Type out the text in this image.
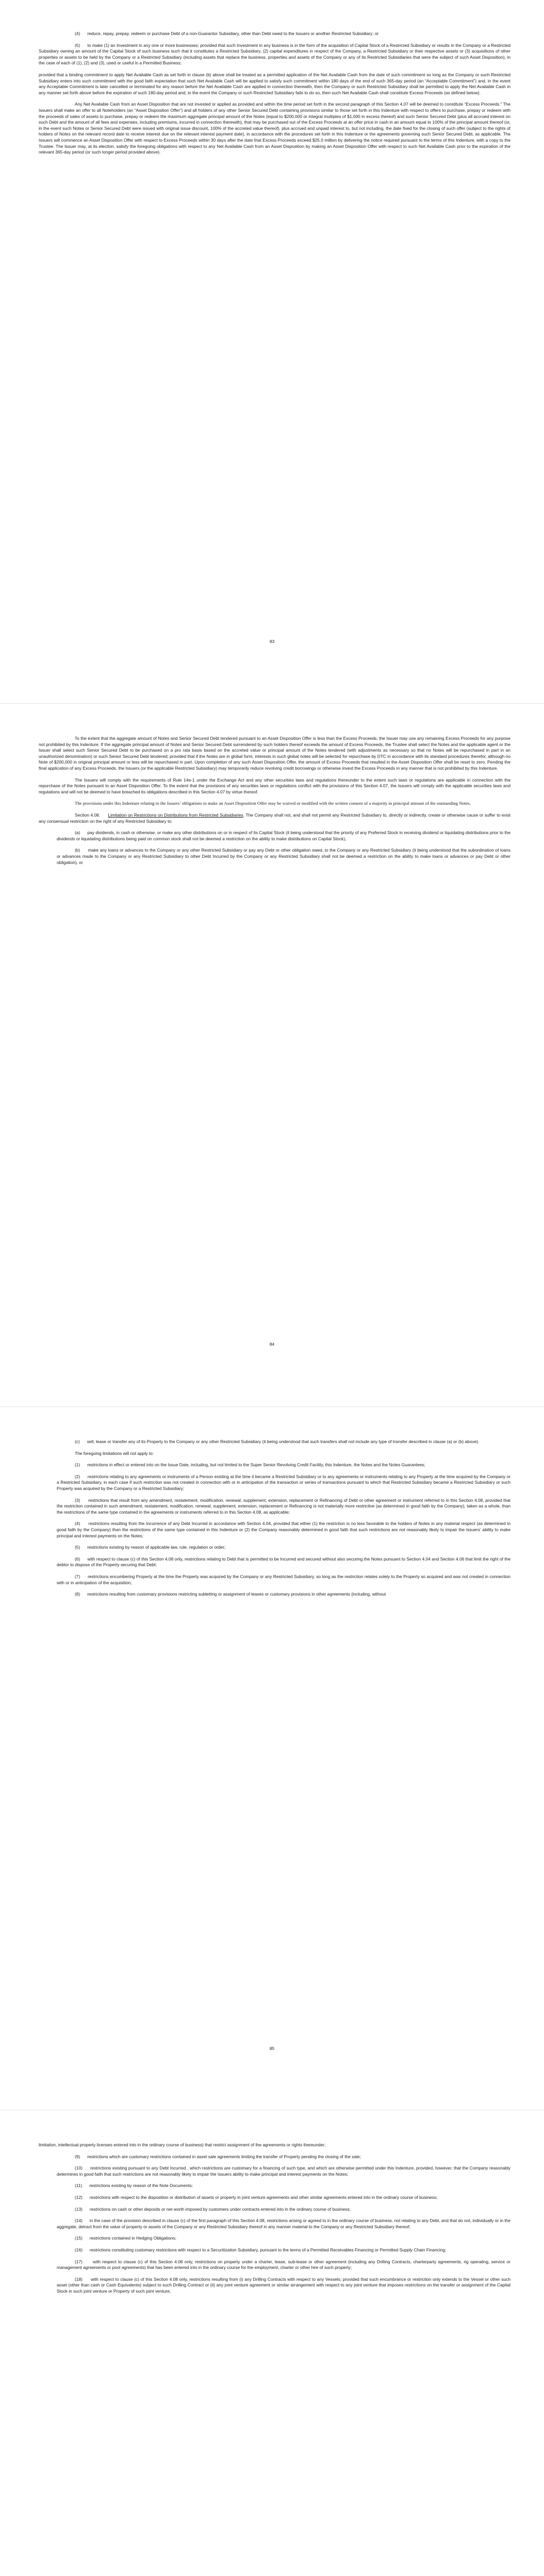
(4)      reduce, repay, prepay, redeem or purchase Debt of a non-Guarantor Subsidiary, other than Debt owed to the Issuers or another Restricted Subsidiary; or

(5)      to make (1) an Investment in any one or more businesses; provided that such Investment in any business is in the form of the acquisition of Capital Stock of a Restricted Subsidiary or results in the Company or a Restricted Subsidiary owning an amount of the Capital Stock of such business such that it constitutes a Restricted Subsidiary, (2) capital expenditures in respect of the Company, a Restricted Subsidiary or their respective assets or (3) acquisitions of other properties or assets to be held by the Company or a Restricted Subsidiary (including assets that replace the business, properties and assets of the Company or any of its Restricted Subsidiaries that were the subject of such Asset Disposition), in the case of each of (1), (2) and (3), used or useful in a Permitted Business;

provided that a binding commitment to apply Net Available Cash as set forth in clause (b) above shall be treated as a permitted application of the Net Available Cash from the date of such commitment so long as the Company or such Restricted Subsidiary enters into such commitment with the good faith expectation that such Net Available Cash will be applied to satisfy such commitment within 180 days of the end of such 365-day period (an “Acceptable Commitment”) and, in the event any Acceptable Commitment is later cancelled or terminated for any reason before the Net Available Cash are applied in connection therewith, then the Company or such Restricted Subsidiary shall be permitted to apply the Net Available Cash in any manner set forth above before the expiration of such 180-day period and, in the event the Company or such Restricted Subsidiary fails to do so, then such Net Available Cash shall constitute Excess Proceeds (as defined below).

Any Net Available Cash from an Asset Disposition that are not invested or applied as provided and within the time period set forth in the second paragraph of this Section 4.07 will be deemed to constitute “Excess Proceeds.” The Issuers shall make an offer to all Noteholders (an “Asset Disposition Offer”) and all holders of any other Senior Secured Debt containing provisions similar to those set forth in this Indenture with respect to offers to purchase, prepay or redeem with the proceeds of sales of assets to purchase, prepay or redeem the maximum aggregate principal amount of the Notes (equal to $200,000 or integral multiples of $1,000 in excess thereof) and such Senior Secured Debt (plus all accrued interest on such Debt and the amount of all fees and expenses, including premiums, incurred in connection therewith), that may be purchased out of the Excess Proceeds at an offer price in cash in an amount equal to 100% of the principal amount thereof (or, in the event such Notes or Senior Secured Debt were issued with original issue discount, 100% of the accreted value thereof), plus accrued and unpaid interest to, but not including, the date fixed for the closing of such offer (subject to the rights of holders of Notes on the relevant record date to receive interest due on the relevant interest payment date), in accordance with the procedures set forth in this Indenture or the agreements governing such Senior Secured Debt, as applicable. The Issuers will commence an Asset Disposition Offer with respect to Excess Proceeds within 30 days after the date that Excess Proceeds exceed $25.0 million by delivering the notice required pursuant to the terms of this Indenture, with a copy to the Trustee. The Issuer may, at its election, satisfy the foregoing obligations with respect to any Net Available Cash from an Asset Disposition by making an Asset Disposition Offer with respect to such Net Available Cash prior to the expiration of the relevant 365-day period (or such longer period provided above).

83

To the extent that the aggregate amount of Notes and Senior Secured Debt tendered pursuant to an Asset Disposition Offer is less than the Excess Proceeds, the Issuer may use any remaining Excess Proceeds for any purpose not prohibited by this Indenture. If the aggregate principal amount of Notes and Senior Secured Debt surrendered by such holders thereof exceeds the amount of Excess Proceeds, the Trustee shall select the Notes and the applicable agent or the Issuer shall select such Senior Secured Debt to be purchased on a pro rata basis based on the accreted value or principal amount of the Notes tendered (with adjustments as necessary so that no Notes will be repurchased in part in an unauthorized denomination) or such Senior Secured Debt tendered; provided that if the Notes are in global form, interests in such global notes will be selected for repurchase by DTC in accordance with its standard procedures therefor, although no Note of $200,000 in original principal amount or less will be repurchased in part. Upon completion of any such Asset Disposition Offer, the amount of Excess Proceeds that resulted in the Asset Disposition Offer shall be reset to zero. Pending the final application of any Excess Proceeds, the Issuers (or the applicable Restricted Subsidiary) may temporarily reduce revolving credit borrowings or otherwise invest the Excess Proceeds in any manner that is not prohibited by this Indenture.

The Issuers will comply with the requirements of Rule 14e-1 under the Exchange Act and any other securities laws and regulations thereunder to the extent such laws or regulations are applicable in connection with the repurchase of the Notes pursuant to an Asset Disposition Offer. To the extent that the provisions of any securities laws or regulations conflict with the provisions of this Section 4.07, the Issuers will comply with the applicable securities laws and regulations and will not be deemed to have breached its obligations described in this Section 4.07 by virtue thereof.

The provisions under this Indenture relating to the Issuers’ obligations to make an Asset Disposition Offer may be waived or modified with the written consent of a majority in principal amount of the outstanding Notes.

Section 4.08. Limitation on Restrictions on Distributions from Restricted Subsidiaries. The Company shall not, and shall not permit any Restricted Subsidiary to, directly or indirectly, create or otherwise cause or suffer to exist any consensual restriction on the right of any Restricted Subsidiary to:

(a)      pay dividends, in cash or otherwise, or make any other distributions on or in respect of its Capital Stock (it being understood that the priority of any Preferred Stock in receiving dividend or liquidating distributions prior to the dividends or liquidating distributions being paid on common stock shall not be deemed a restriction on the ability to make distributions on Capital Stock),

(b)      make any loans or advances to the Company or any other Restricted Subsidiary or pay any Debt or other obligation owed, to the Company or any Restricted Subsidiary (it being understood that the subordination of loans or advances made to the Company or any Restricted Subsidiary to other Debt Incurred by the Company or any Restricted Subsidiary shall not be deemed a restriction on the ability to make loans or advances or pay Debt or other obligation), or

84

(c)      sell, lease or transfer any of its Property to the Company or any other Restricted Subsidiary (it being understood that such transfers shall not include any type of transfer described in clause (a) or (b) above).

The foregoing limitations will not apply to:

(1)      restrictions in effect or entered into on the Issue Date, including, but not limited to the Super Senior Revolving Credit Facility, this Indenture, the Notes and the Notes Guarantees;

(2)      restrictions relating to any agreements or instruments of a Person existing at the time it became a Restricted Subsidiary or to any agreements or instruments relating to any Property at the time acquired by the Company or a Restricted Subsidiary, in each case if such restriction was not created in connection with or in anticipation of the transaction or series of transactions pursuant to which that Restricted Subsidiary became a Restricted Subsidiary or such Property was acquired by the Company or a Restricted Subsidiary;

(3)      restrictions that result from any amendment, restatement, modification, renewal, supplement, extension, replacement or Refinancing of Debt or other agreement or instrument referred to in this Section 4.08, provided that the restriction contained in such amendment, restatement, modification, renewal, supplement, extension, replacement or Refinancing is not materially more restrictive (as determined in good faith by the Company), taken as a whole, than the restrictions of the same type contained in the agreements or instruments referred to in this Section 4.08, as applicable;

(4)      restrictions resulting from the Incurrence of any Debt Incurred in accordance with Section 4.04, provided that either (1) the restriction is no less favorable to the holders of Notes in any material respect (as determined in good faith by the Company) than the restrictions of the same type contained in this Indenture or (2) the Company reasonably determined in good faith that such restrictions are not reasonably likely to impair the Issuers’ ability to make principal and interest payments on the Notes;

(5)      restrictions existing by reason of applicable law, rule, regulation or order;

(6)      with respect to clause (c) of this Section 4.08 only, restrictions relating to Debt that is permitted to be Incurred and secured without also securing the Notes pursuant to Section 4.04 and Section 4.06 that limit the right of the debtor to dispose of the Property securing that Debt;

(7)      restrictions encumbering Property at the time the Property was acquired by the Company or any Restricted Subsidiary, so long as the restriction relates solely to the Property so acquired and was not created in connection with or in anticipation of the acquisition;

(8)      restrictions resulting from customary provisions restricting subletting or assignment of leases or customary provisions in other agreements (including, without

85

limitation, intellectual property licenses entered into in the ordinary course of business) that restrict assignment of the agreements or rights thereunder;

(9)      restrictions which are customary restrictions contained in asset sale agreements limiting the transfer of Property pending the closing of the sale;

(10)      restrictions existing pursuant to any Debt Incurred , which restrictions are customary for a financing of such type, and which are otherwise permitted under this Indenture, provided, however, that the Company reasonably determines in good faith that such restrictions are not reasonably likely to impair the Issuers ability to make principal and interest payments on the Notes;

(11)      restrictions existing by reason of the Note Documents;

(12)      restrictions with respect to the disposition or distribution of assets or property in joint venture agreements and other similar agreements entered into in the ordinary course of business;

(13)      restrictions on cash or other deposits or net worth imposed by customers under contracts entered into in the ordinary course of business;

(14)      in the case of the provision described in clause (c) of the first paragraph of this Section 4.08, restrictions arising or agreed to in the ordinary course of business, not relating to any Debt, and that do not, individually or in the aggregate, detract from the value of property or assets of the Company or any Restricted Subsidiary thereof in any manner material to the Company or any Restricted Subsidiary thereof;

(15)      restrictions contained in Hedging Obligations;

(16)      restrictions constituting customary restrictions with respect to a Securitization Subsidiary, pursuant to the terms of a Permitted Receivables Financing or Permitted Supply Chain Financing;

(17)      with respect to clause (c) of this Section 4.08 only, restrictions on property under a charter, lease, sub-lease or other agreement (including any Drilling Contracts, charterparty agreements, rig operating, service or management agreements or pool agreements) that has been entered into in the ordinary course for the employment, charter or other hire of such property;

(18)      with respect to clause (c) of this Section 4.08 only, restrictions resulting from (i) any Drilling Contracts with respect to any Vessels; provided that such encumbrance or restriction only extends to the Vessel or other such asset (other than cash or Cash Equivalents) subject to such Drilling Contract or (ii) any joint venture agreement or similar arrangement with respect to any joint venture that imposes restrictions on the transfer or assignment of the Capital Stock in such joint venture or Property of such joint venture;
